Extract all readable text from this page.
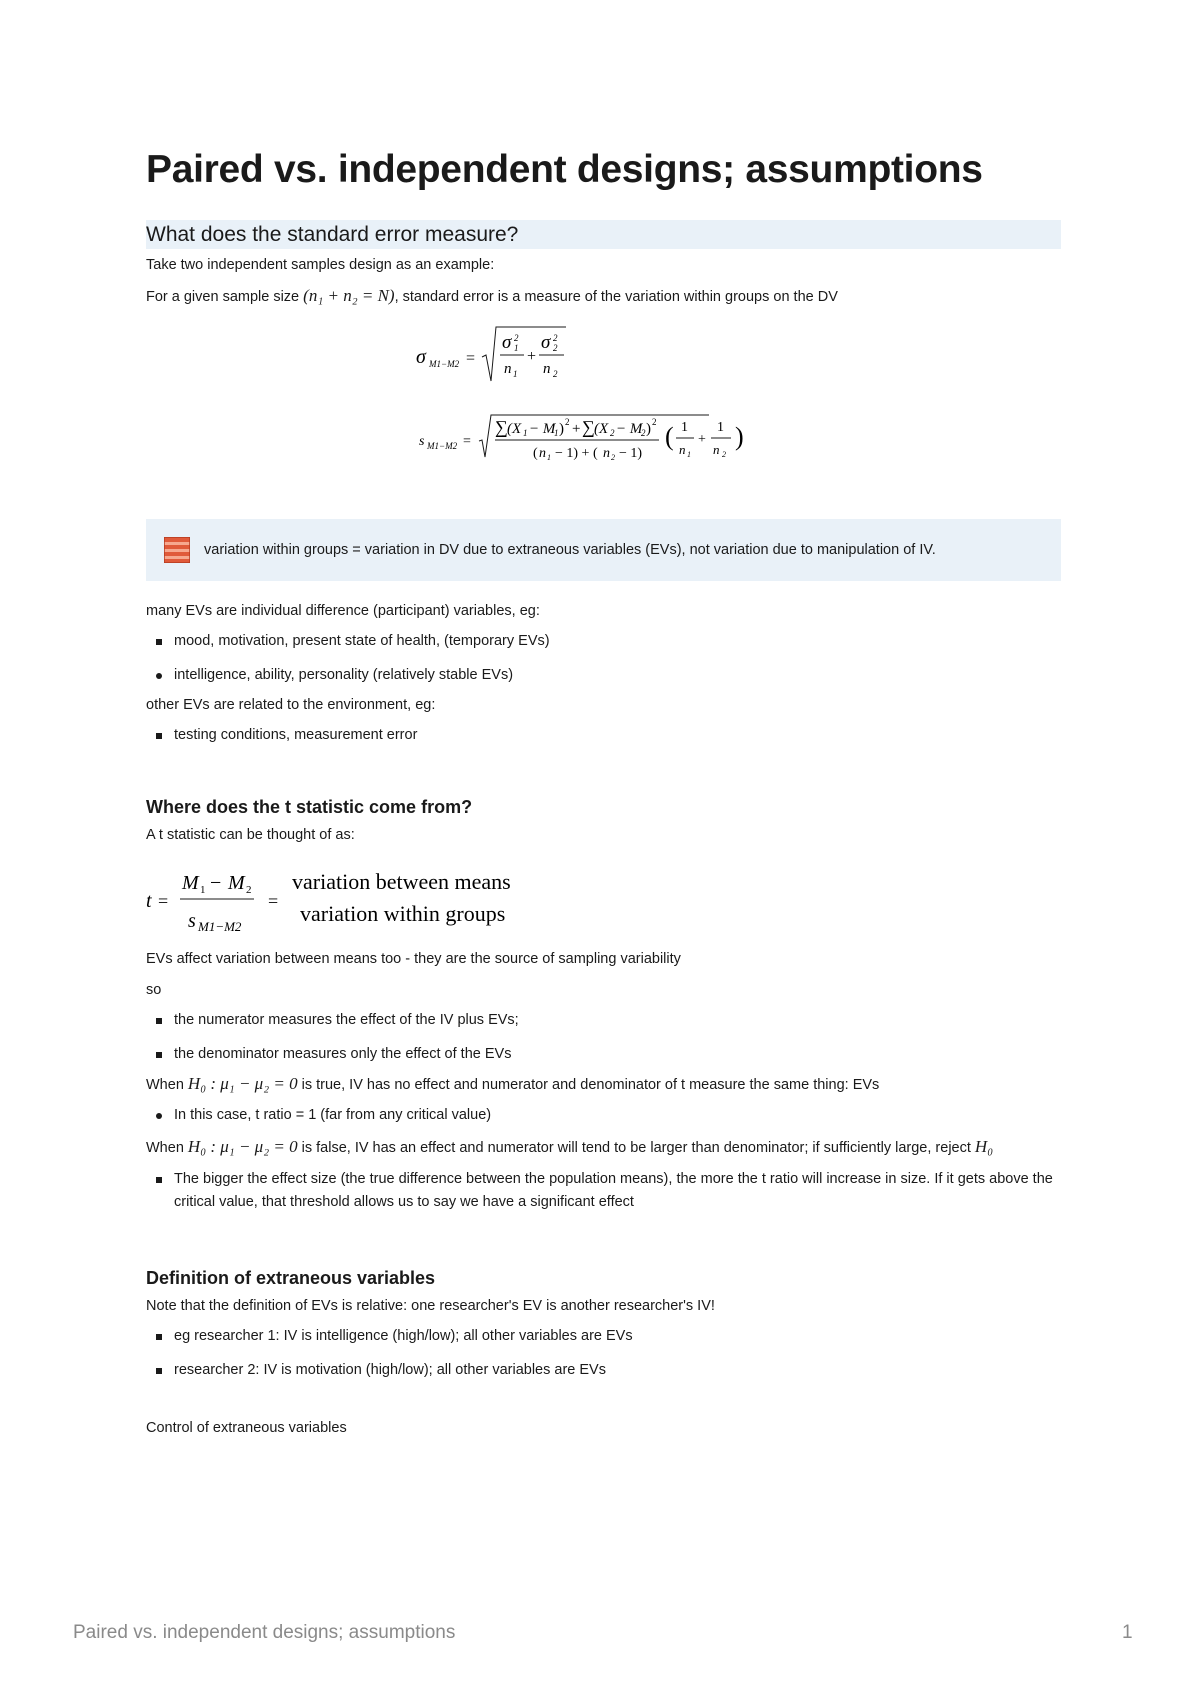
Paired vs. independent designs; assumptions
What does the standard error measure?

Take two independent samples design as an example:

For a given sample size (n₁ + n₂ = N), standard error is a measure of the variation within groups on the DV

σ M1−M2 =
σ 2
1
n 1
+
σ 2
2
n 2
s M1−M2 =
∑ (X 1 − M
1 ) 2 + ∑ (X 2 − M
2 ) 2
( n 1 − 1) + ( n 2 − 1)
( 1
n 1
+
1
n 2
)

variation within groups = variation in DV due to extraneous variables (EVs), not variation due to manipulation of IV.

many EVs are individual difference (participant) variables, eg:

mood, motivation, present state of health, (temporary EVs)
intelligence, ability, personality (relatively stable EVs)

other EVs are related to the environment, eg:

testing conditions, measurement error
Where does the t statistic come from?

A t statistic can be thought of as:

t =
M 1 − M 2
s M1−M2
=
variation between means
variation within groups

EVs affect variation between means too - they are the source of sampling variability

so

the numerator measures the effect of the IV plus EVs;
the denominator measures only the effect of the EVs

When H₀ : μ₁ − μ₂ = 0 is true, IV has no effect and numerator and denominator of t measure the same thing: EVs

In this case, t ratio = 1 (far from any critical value)

When H₀ : μ₁ − μ₂ = 0 is false, IV has an effect and numerator will tend to be larger than denominator; if sufficiently large, reject H₀

The bigger the effect size (the true difference between the population means), the more the t ratio will increase in size. If it gets above the critical value, that threshold allows us to say we have a significant effect
Definition of extraneous variables

Note that the definition of EVs is relative: one researcher's EV is another researcher's IV!

eg researcher 1: IV is intelligence (high/low); all other variables are EVs
researcher 2: IV is motivation (high/low); all other variables are EVs

Control of extraneous variables

Paired vs. independent designs; assumptions	1
